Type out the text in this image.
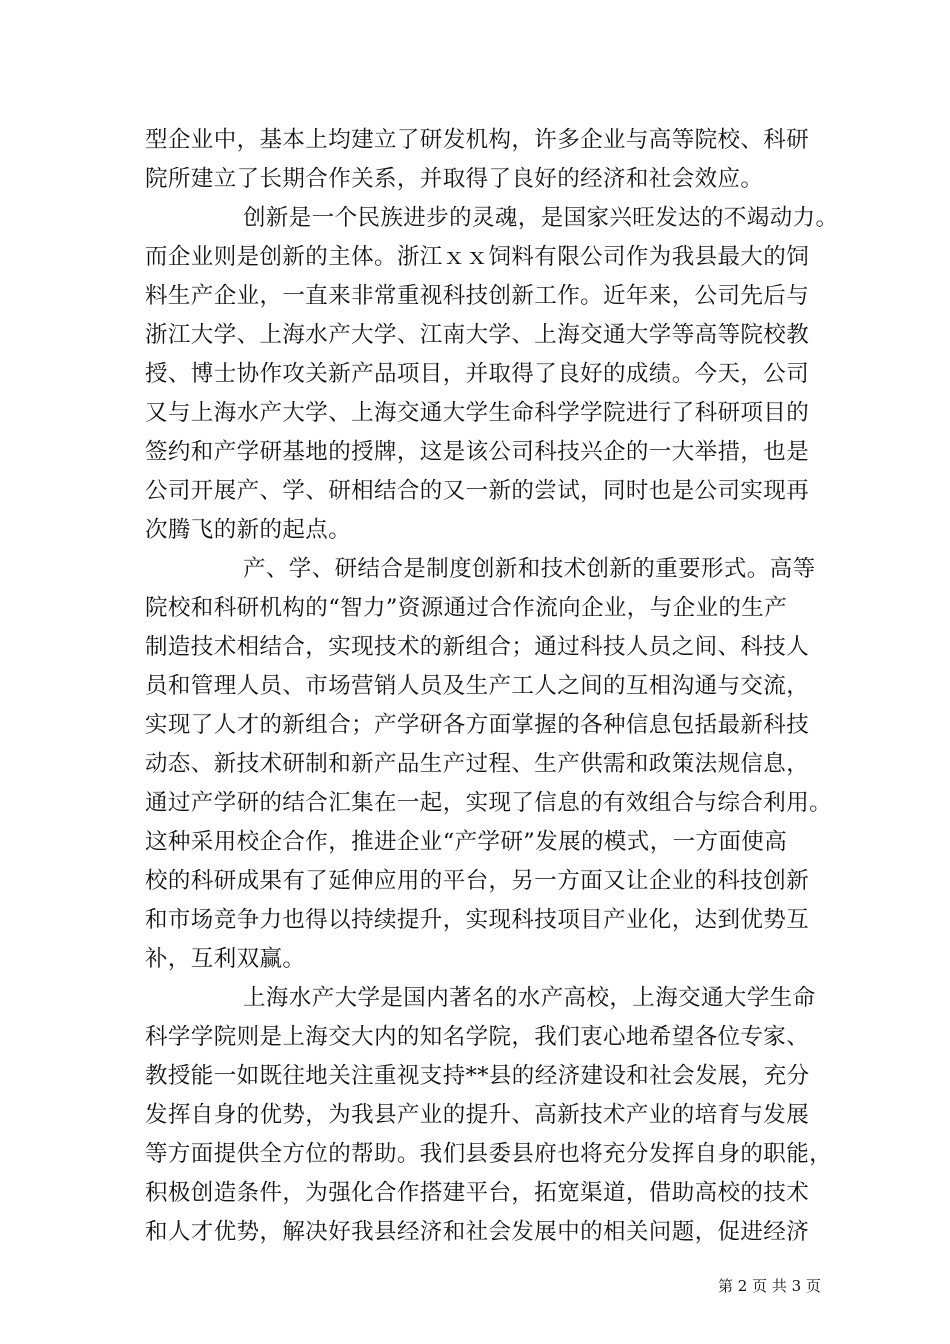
型企业中，基本上均建立了研发机构，许多企业与高等院校、科研
院所建立了长期合作关系，并取得了良好的经济和社会效应。
创新是一个民族进步的灵魂，是国家兴旺发达的不竭动力。
而企业则是创新的主体。浙江ｘｘ饲料有限公司作为我县最大的饲
料生产企业，一直来非常重视科技创新工作。近年来，公司先后与
浙江大学、上海水产大学、江南大学、上海交通大学等高等院校教
授、博士协作攻关新产品项目，并取得了良好的成绩。今天，公司
又与上海水产大学、上海交通大学生命科学学院进行了科研项目的
签约和产学研基地的授牌，这是该公司科技兴企的一大举措，也是
公司开展产、学、研相结合的又一新的尝试，同时也是公司实现再
次腾飞的新的起点。
产、学、研结合是制度创新和技术创新的重要形式。高等
院校和科研机构的“智力”资源通过合作流向企业，与企业的生产
制造技术相结合，实现技术的新组合；通过科技人员之间、科技人
员和管理人员、市场营销人员及生产工人之间的互相沟通与交流，
实现了人才的新组合；产学研各方面掌握的各种信息包括最新科技
动态、新技术研制和新产品生产过程、生产供需和政策法规信息，
通过产学研的结合汇集在一起，实现了信息的有效组合与综合利用。
这种采用校企合作，推进企业“产学研”发展的模式，一方面使高
校的科研成果有了延伸应用的平台，另一方面又让企业的科技创新
和市场竞争力也得以持续提升，实现科技项目产业化，达到优势互
补，互利双赢。
上海水产大学是国内著名的水产高校，上海交通大学生命
科学学院则是上海交大内的知名学院，我们衷心地希望各位专家、
教授能一如既往地关注重视支持**县的经济建设和社会发展，充分
发挥自身的优势，为我县产业的提升、高新技术产业的培育与发展
等方面提供全方位的帮助。我们县委县府也将充分发挥自身的职能，
积极创造条件，为强化合作搭建平台，拓宽渠道，借助高校的技术
和人才优势，解决好我县经济和社会发展中的相关问题，促进经济
第 2 页 共 3 页
